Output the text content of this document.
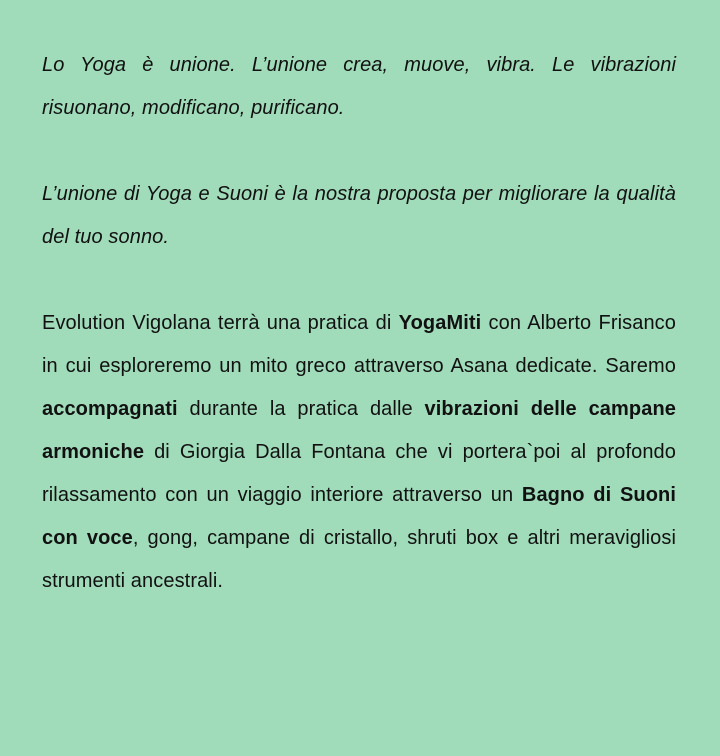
Lo Yoga è unione. L’unione crea, muove, vibra. Le vibrazioni risuonano, modificano, purificano.

L’unione di Yoga e Suoni è la nostra proposta per migliorare la qualità del tuo sonno.

Evolution Vigolana terrà una pratica di YogaMiti con Alberto Frisanco in cui esploreremo un mito greco attraverso Asana dedicate. Saremo accompagnati durante la pratica dalle vibrazioni delle campane armoniche di Giorgia Dalla Fontana che vi portera`poi al profondo rilassamento con un viaggio interiore attraverso un Bagno di Suoni con voce, gong, campane di cristallo, shruti box e altri meravigliosi strumenti ancestrali.
